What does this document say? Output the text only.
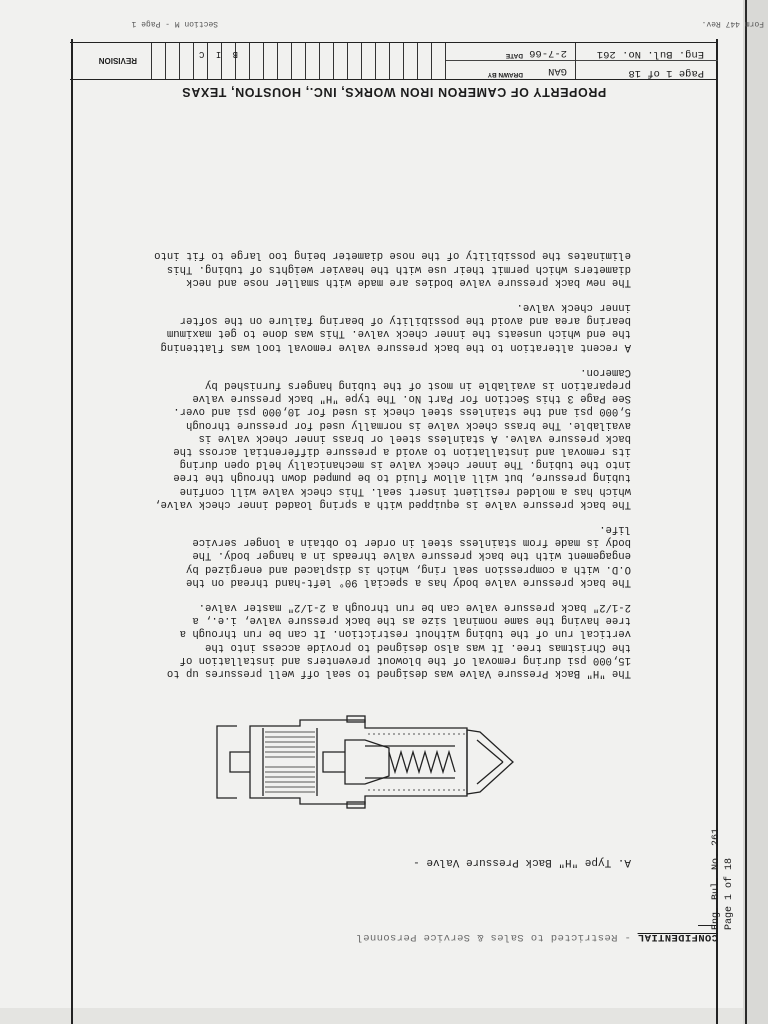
CONFIDENTIAL - Restricted to Sales & Service Personnel
Eng. Bul. No. 261 Page 1 of 18
A. Type "H" Back Pressure Valve -

The "H" Back Pressure Valve was designed to seal off well pressures up to
15,000 psi during removal of the blowout preventers and installation of
the Christmas tree. It was also designed to provide access into the
vertical run of the tubing without restriction. It can be run through a
tree having the same nominal size as the back pressure valve, i.e., a
2-1/2" back pressure valve can be run through a 2-1/2" master valve.

The back pressure valve body has a special 90° left-hand thread on the
O.D. with a compression seal ring, which is displaced and energized by
engagement with the back pressure valve threads in a hanger body. The
body is made from stainless steel in order to obtain a longer service
life.

The back pressure valve is equipped with a spring loaded inner check valve,
which has a molded resilient insert seal. This check valve will confine
tubing pressure, but will allow fluid to be pumped down through the tree
into the tubing. The inner check valve is mechanically held open during
its removal and installation to avoid a pressure differential across the
back pressure valve. A stainless steel or brass inner check valve is
available. The brass check valve is normally used for pressure through
5,000 psi and the stainless steel check is used for 10,000 psi and over.
See Page 3 this Section for Part No. The type "H" back pressure valve
preparation is available in most of the tubing hangers furnished by
Cameron.

A recent alteration to the back pressure valve removal tool was flattening
the end which unseats the inner check valve. This was done to get maximum
bearing area and avoid the possibility of bearing failure on the softer
inner check valve.

The new back pressure valve bodies are made with smaller nose and neck
diameters which permit their use with the heavier weights of tubing. This
eliminates the possibility of the nose diameter being too large to fit into

PROPERTY OF CAMERON IRON WORKS, INC., HOUSTON, TEXAS
Page 1 of 18
Eng. Bul. No. 261
DRAWN BY GAN
DATE 2-7-66
B I C
REVISION
Section M - Page 1	Form 447 Rev.
